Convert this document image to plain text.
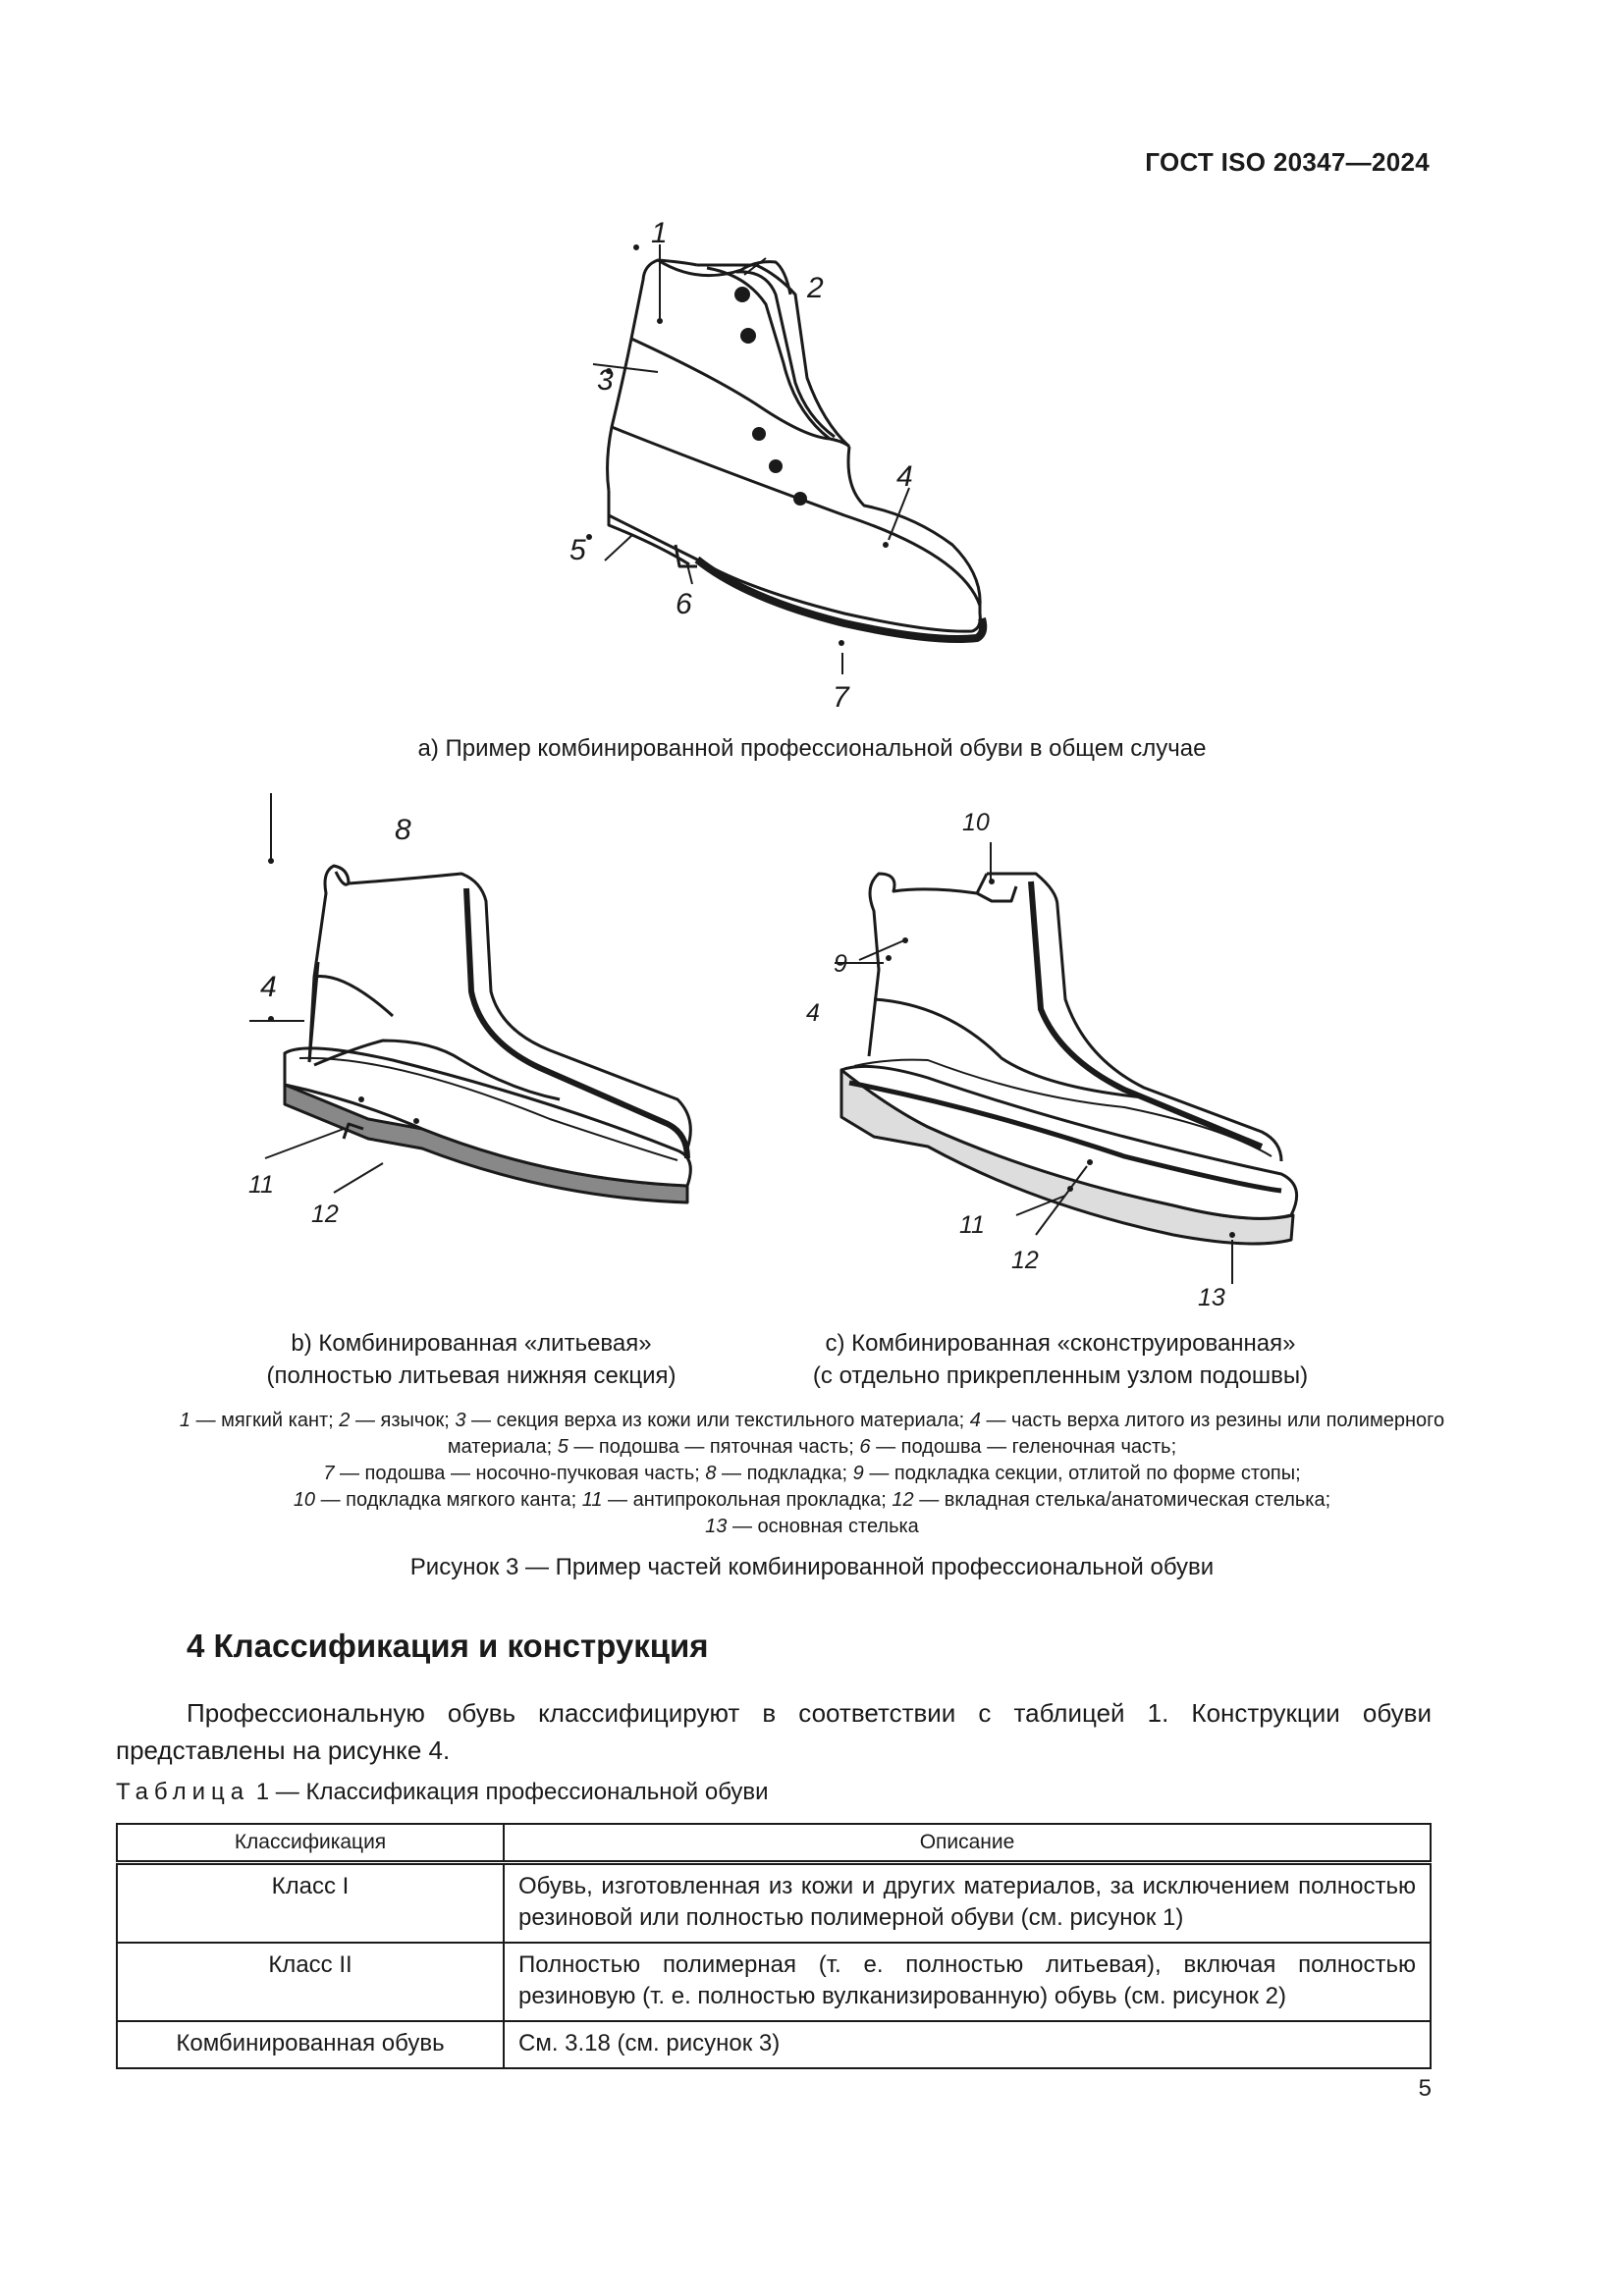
ГОСТ ISO 20347—2024
1
2
3
4
5
6
7
а) Пример комбинированной профессиональной обуви в общем случае
8
4
11
12
10
9
4
11
12
13
b) Комбинированная «литьевая»
(полностью литьевая нижняя секция)
с) Комбинированная «сконструированная»
(с отдельно прикрепленным узлом подошвы)
1 — мягкий кант; 2 — язычок; 3 — секция верха из кожи или текстильного материала; 4 — часть верха литого из резины или полимерного материала; 5 — подошва — пяточная часть; 6 — подошва — геленочная часть;
7 — подошва — носочно-пучковая часть; 8 — подкладка; 9 — подкладка секции, отлитой по форме стопы;
10 — подкладка мягкого канта; 11 — антипрокольная прокладка; 12 — вкладная стелька/анатомическая стелька;
13 — основная стелька
Рисунок 3 — Пример частей комбинированной профессиональной обуви
4 Классификация и конструкция
Профессиональную обувь классифицируют в соответствии с таблицей 1. Конструкции обуви представлены на рисунке 4.
Таблица 1 — Классификация профессиональной обуви
Классификация	Описание
Класс I	Обувь, изготовленная из кожи и других материалов, за исключением полностью резиновой или полностью полимерной обуви (см. рисунок 1)
Класс II	Полностью полимерная (т. е. полностью литьевая), включая полностью резиновую (т. е. полностью вулканизированную) обувь (см. рисунок 2)
Комбинированная обувь	См. 3.18 (см. рисунок 3)
5
